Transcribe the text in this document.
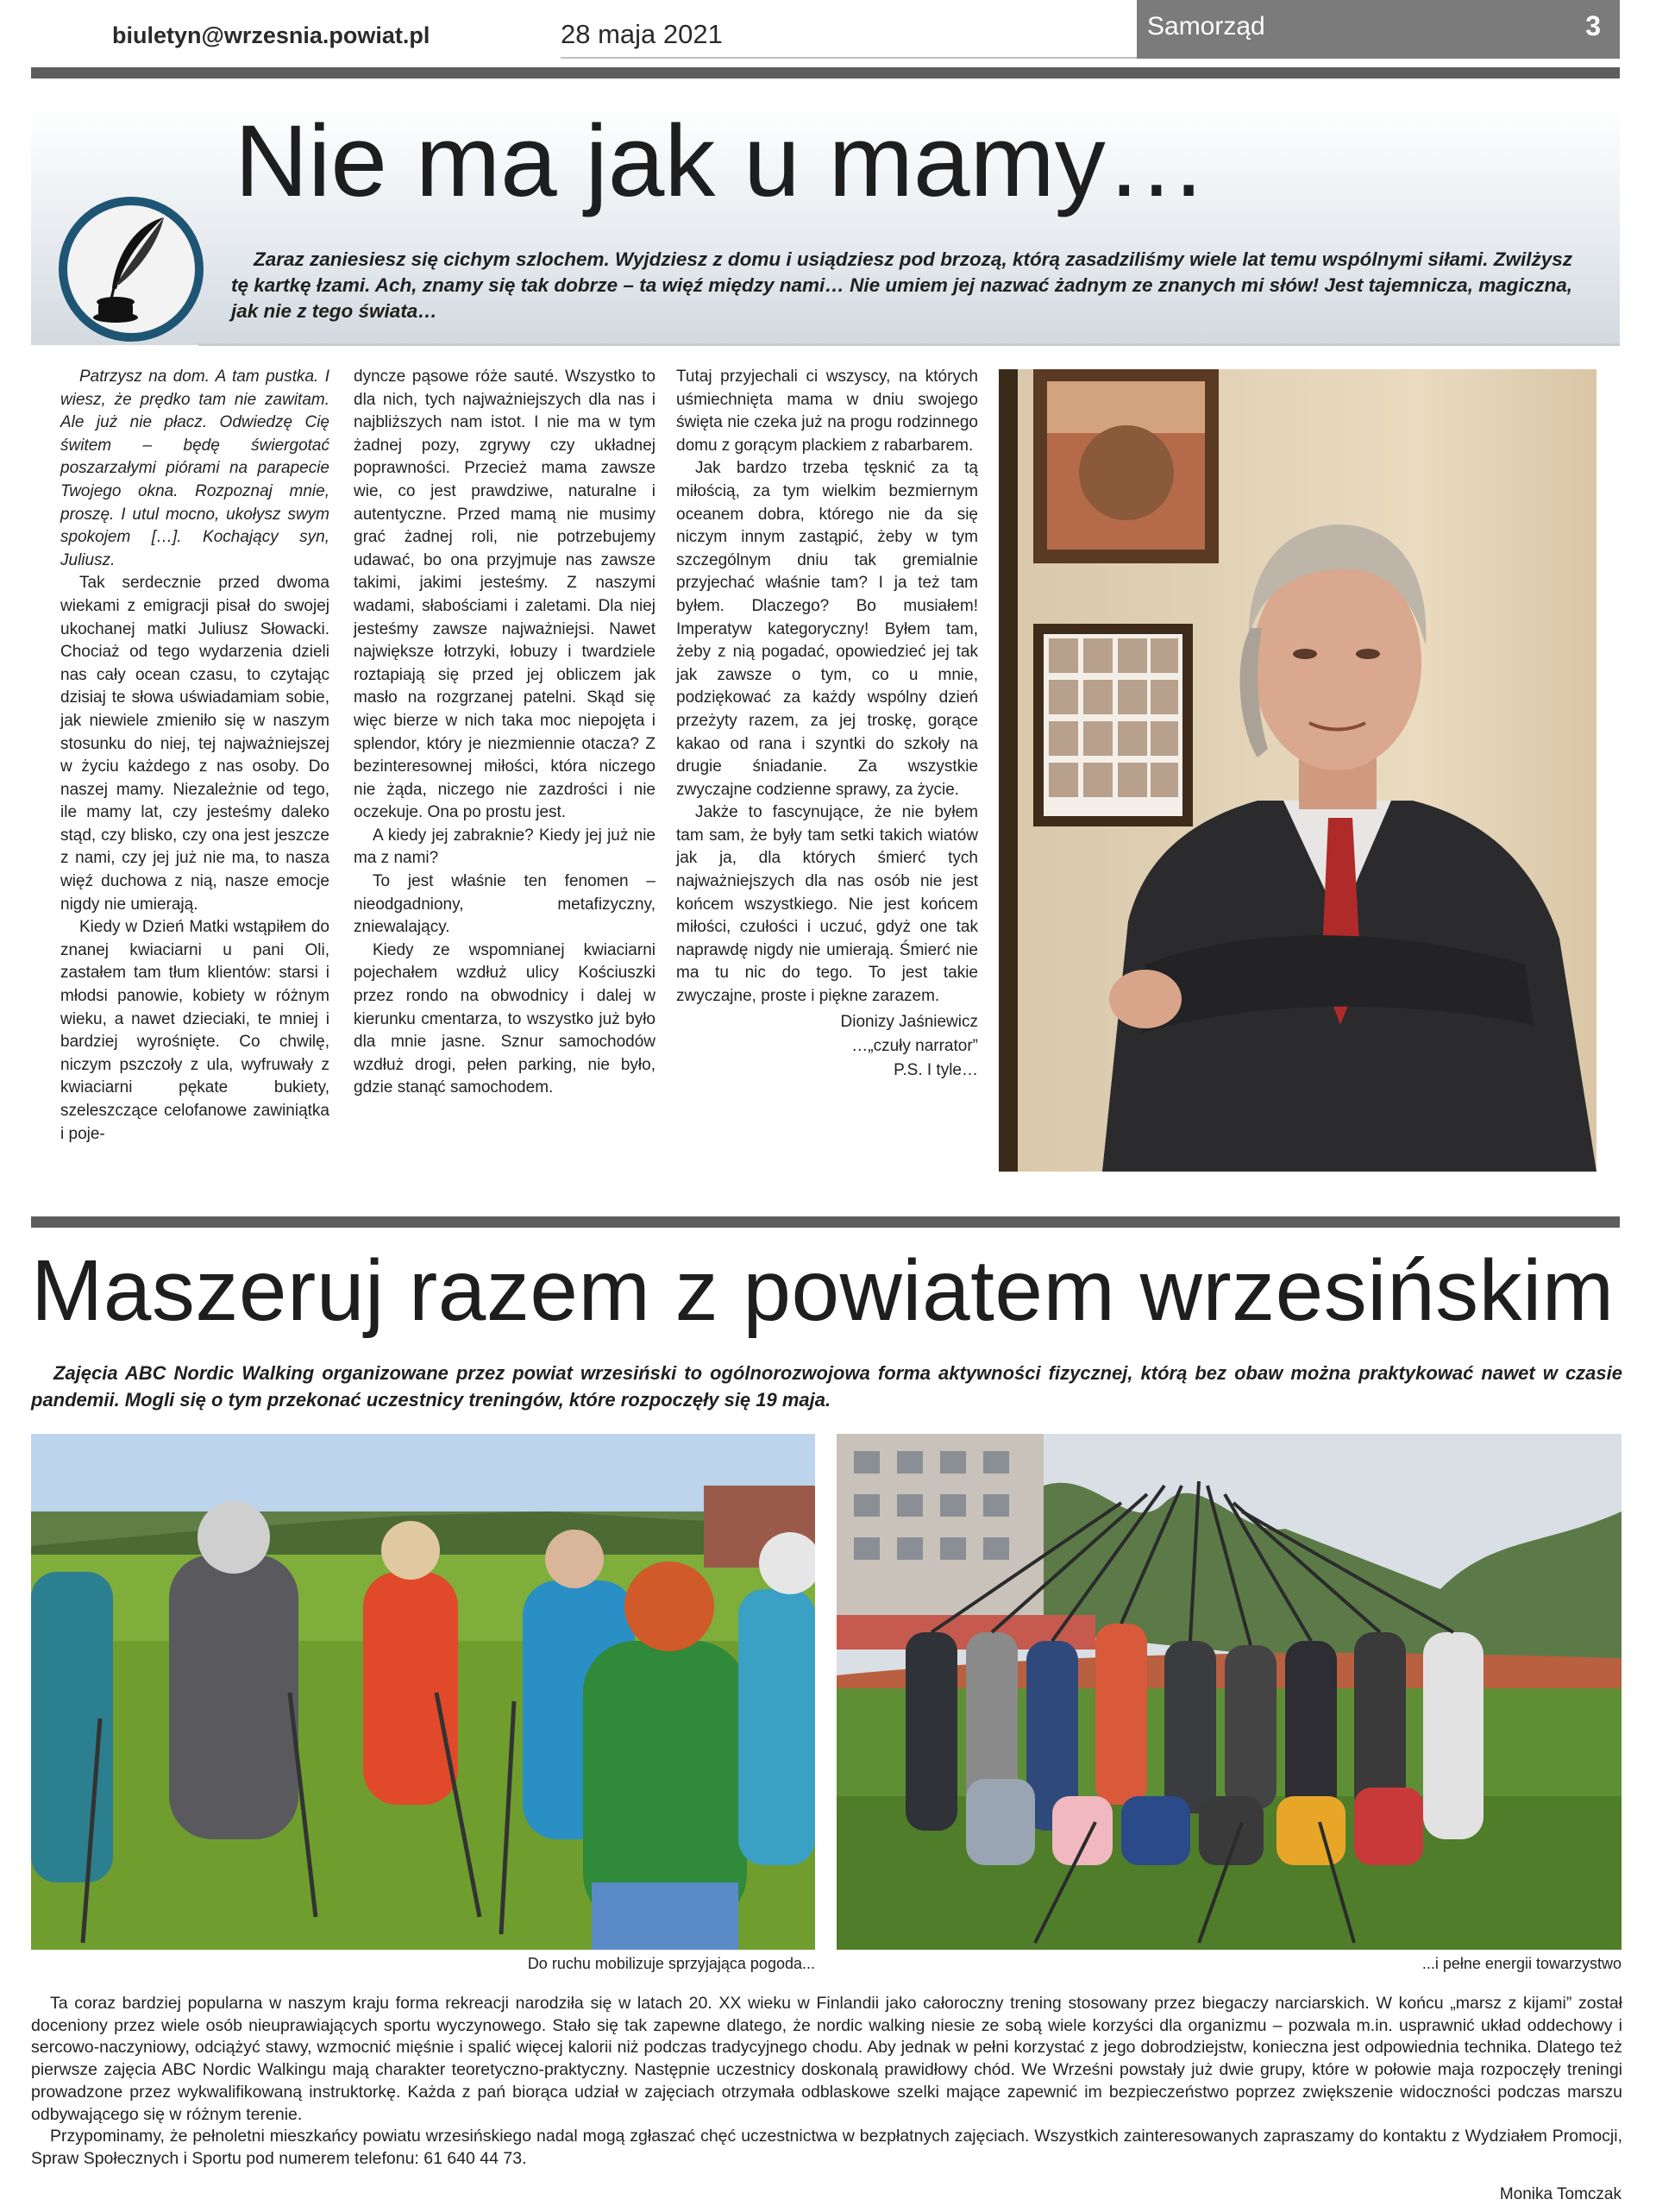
biuletyn@wrzesnia.powiat.pl	28 maja 2021	Samorząd	3
Nie ma jak u mamy…
Zaraz zaniesiesz się cichym szlochem. Wyjdziesz z domu i usiądziesz pod brzozą, którą zasadziliśmy wiele lat temu wspólnymi siłami. Zwilżysz tę kartkę łzami. Ach, znamy się tak dobrze – ta więź między nami… Nie umiem jej nazwać żadnym ze znanych mi słów! Jest tajemnicza, magiczna, jak nie z tego świata…

Patrzysz na dom. A tam pustka. I wiesz, że prędko tam nie zawitam. Ale już nie płacz. Odwiedzę Cię świtem – będę świergotać poszarzałymi piórami na parapecie Twojego okna. Rozpoznaj mnie, proszę. I utul mocno, ukołysz swym spokojem […]. Kochający syn, Juliusz.

Tak serdecznie przed dwoma wiekami z emigracji pisał do swojej ukochanej matki Juliusz Słowacki. Chociaż od tego wydarzenia dzieli nas cały ocean czasu, to czytając dzisiaj te słowa uświadamiam sobie, jak niewiele zmieniło się w naszym stosunku do niej, tej najważniejszej w życiu każdego z nas osoby. Do naszej mamy. Niezależnie od tego, ile mamy lat, czy jesteśmy daleko stąd, czy blisko, czy ona jest jeszcze z nami, czy jej już nie ma, to nasza więź duchowa z nią, nasze emocje nigdy nie umierają.

Kiedy w Dzień Matki wstąpiłem do znanej kwiaciarni u pani Oli, zastałem tam tłum klientów: starsi i młodsi panowie, kobiety w różnym wieku, a nawet dzieciaki, te mniej i bardziej wyrośnięte. Co chwilę, niczym pszczoły z ula, wyfruwały z kwiaciarni pękate bukiety, szeleszczące celofanowe zawiniątka i poje-

dyncze pąsowe róże sauté. Wszystko to dla nich, tych najważniejszych dla nas i najbliższych nam istot. I nie ma w tym żadnej pozy, zgrywy czy układnej poprawności. Przecież mama zawsze wie, co jest prawdziwe, naturalne i autentyczne. Przed mamą nie musimy grać żadnej roli, nie potrzebujemy udawać, bo ona przyjmuje nas zawsze takimi, jakimi jesteśmy. Z naszymi wadami, słabościami i zaletami. Dla niej jesteśmy zawsze najważniejsi. Nawet największe łotrzyki, łobuzy i twardziele roztapiają się przed jej obliczem jak masło na rozgrzanej patelni. Skąd się więc bierze w nich taka moc niepojęta i splendor, który je niezmiennie otacza? Z bezinteresownej miłości, która niczego nie żąda, niczego nie zazdrości i nie oczekuje. Ona po prostu jest.

A kiedy jej zabraknie? Kiedy jej już nie ma z nami?

To jest właśnie ten fenomen – nieodgadniony, metafizyczny, zniewalający.

Kiedy ze wspomnianej kwiaciarni pojechałem wzdłuż ulicy Kościuszki przez rondo na obwodnicy i dalej w kierunku cmentarza, to wszystko już było dla mnie jasne. Sznur samochodów wzdłuż drogi, pełen parking, nie było, gdzie stanąć samochodem.

Tutaj przyjechali ci wszyscy, na których uśmiechnięta mama w dniu swojego święta nie czeka już na progu rodzinnego domu z gorącym plackiem z rabarbarem.

Jak bardzo trzeba tęsknić za tą miłością, za tym wielkim bezmiernym oceanem dobra, którego nie da się niczym innym zastąpić, żeby w tym szczególnym dniu tak gremialnie przyjechać właśnie tam? I ja też tam byłem. Dlaczego? Bo musiałem! Imperatyw kategoryczny! Byłem tam, żeby z nią pogadać, opowiedzieć jej tak jak zawsze o tym, co u mnie, podziękować za każdy wspólny dzień przeżyty razem, za jej troskę, gorące kakao od rana i szyntki do szkoły na drugie śniadanie. Za wszystkie zwyczajne codzienne sprawy, za życie.

Jakże to fascynujące, że nie byłem tam sam, że były tam setki takich wiatów jak ja, dla których śmierć tych najważniejszych dla nas osób nie jest końcem wszystkiego. Nie jest końcem miłości, czułości i uczuć, gdyż one tak naprawdę nigdy nie umierają. Śmierć nie ma tu nic do tego. To jest takie zwyczajne, proste i piękne zarazem.

Dionizy Jaśniewicz
…„czuły narrator”
P.S. I tyle…
Maszeruj razem z powiatem wrzesińskim
Zajęcia ABC Nordic Walking organizowane przez powiat wrzesiński to ogólnorozwojowa forma aktywności fizycznej, którą bez obaw można praktykować nawet w czasie pandemii. Mogli się o tym przekonać uczestnicy treningów, które rozpoczęły się 19 maja.
Do ruchu mobilizuje sprzyjająca pogoda...	...i pełne energii towarzystwo

Ta coraz bardziej popularna w naszym kraju forma rekreacji narodziła się w latach 20. XX wieku w Finlandii jako całoroczny trening stosowany przez biegaczy narciarskich. W końcu „marsz z kijami” został doceniony przez wiele osób nieuprawiających sportu wyczynowego. Stało się tak zapewne dlatego, że nordic walking niesie ze sobą wiele korzyści dla organizmu – pozwala m.in. usprawnić układ oddechowy i sercowo-naczyniowy, odciążyć stawy, wzmocnić mięśnie i spalić więcej kalorii niż podczas tradycyjnego chodu. Aby jednak w pełni korzystać z jego dobrodziejstw, konieczna jest odpowiednia technika. Dlatego też pierwsze zajęcia ABC Nordic Walkingu mają charakter teoretyczno-praktyczny. Następnie uczestnicy doskonalą prawidłowy chód. We Wrześni powstały już dwie grupy, które w połowie maja rozpoczęły treningi prowadzone przez wykwalifikowaną instruktorkę. Każda z pań biorąca udział w zajęciach otrzymała odblaskowe szelki mające zapewnić im bezpieczeństwo poprzez zwiększenie widoczności podczas marszu odbywającego się w różnym terenie.

Przypominamy, że pełnoletni mieszkańcy powiatu wrzesińskiego nadal mogą zgłaszać chęć uczestnictwa w bezpłatnych zajęciach. Wszystkich zainteresowanych zapraszamy do kontaktu z Wydziałem Promocji, Spraw Społecznych i Sportu pod numerem telefonu: 61 640 44 73.

Monika Tomczak
